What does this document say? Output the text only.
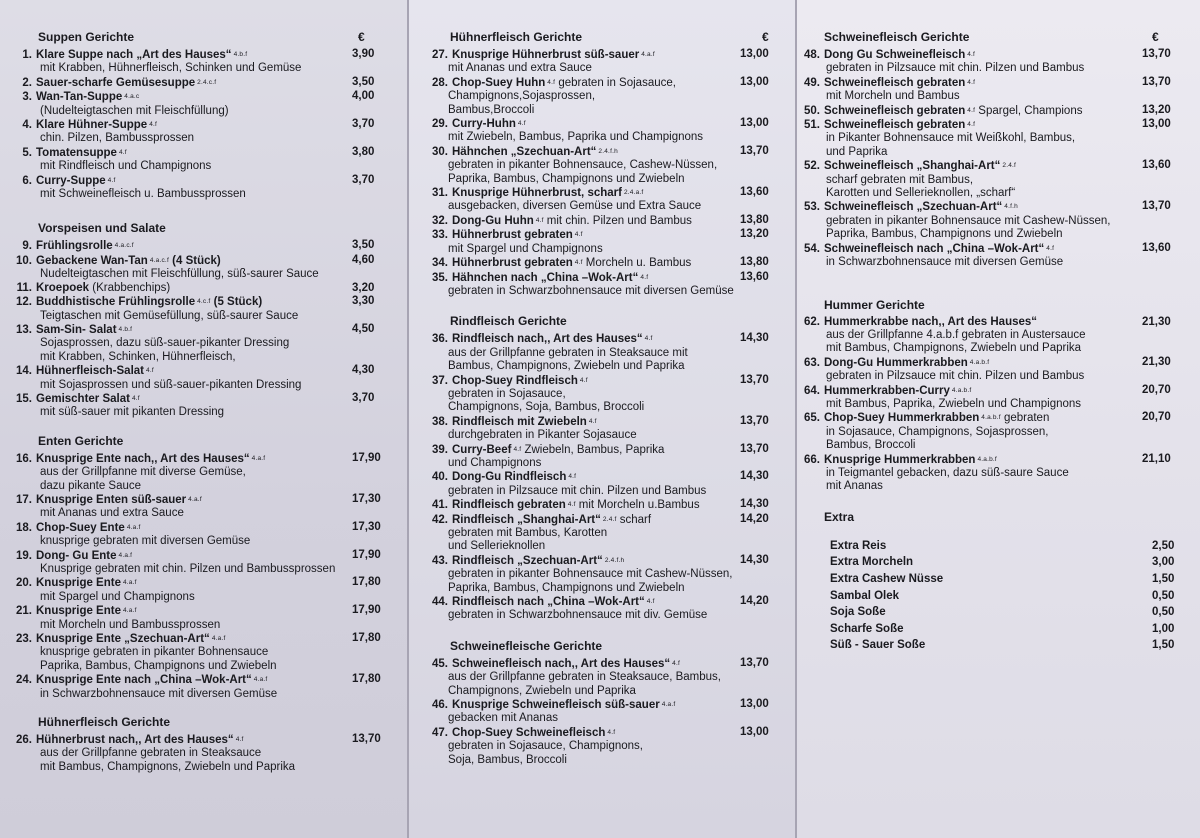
Suppen Gerichte	€
1. Klare Suppe nach „Art des Hauses“ 4.b.f	3,90
mit Krabben, Hühnerfleisch, Schinken und Gemüse
2. Sauer-scharfe Gemüsesuppe 2.4.c.f	3,50
3. Wan-Tan-Suppe 4.a.c	4,00
(Nudelteigtaschen mit Fleischfüllung)
4. Klare Hühner-Suppe 4.f	3,70
chin. Pilzen, Bambussprossen
5. Tomatensuppe 4.f	3,80
mit Rindfleisch und Champignons
6. Curry-Suppe 4.f	3,70
mit Schweinefleisch u. Bambussprossen
Vorspeisen und Salate
9. Frühlingsrolle 4.a.c.f	3,50
10. Gebackene Wan-Tan 4.a.c.f (4 Stück)	4,60
Nudelteigtaschen mit Fleischfüllung, süß-saurer Sauce
11. Kroepoek (Krabbenchips)	3,20
12. Buddhistische Frühlingsrolle 4.c.f (5 Stück)	3,30
Teigtaschen mit Gemüsefüllung, süß-saurer Sauce
13. Sam-Sin- Salat 4.b.f	4,50
Sojasprossen, dazu süß-sauer-pikanter Dressing
mit Krabben, Schinken, Hühnerfleisch,
14. Hühnerfleisch-Salat 4.f	4,30
mit Sojasprossen und süß-sauer-pikanten Dressing
15. Gemischter Salat 4.f	3,70
mit süß-sauer mit pikanten Dressing
Enten Gerichte
16. Knusprige Ente nach,, Art des Hauses“ 4.a.f	17,90
aus der Grillpfanne mit diverse Gemüse,
dazu pikante Sauce
17. Knusprige Enten süß-sauer 4.a.f	17,30
mit Ananas und extra Sauce
18. Chop-Suey Ente 4.a.f	17,30
knusprige gebraten mit diversen Gemüse
19. Dong- Gu Ente 4.a.f	17,90
Knusprige gebraten mit chin. Pilzen und Bambussprossen
20. Knusprige Ente 4.a.f	17,80
mit Spargel und Champignons
21. Knusprige Ente 4.a.f	17,90
mit Morcheln und Bambussprossen
23. Knusprige Ente „Szechuan-Art“ 4.a.f	17,80
knusprige gebraten in pikanter Bohnensauce
Paprika, Bambus, Champignons und Zwiebeln
24. Knusprige Ente nach „China –Wok-Art“ 4.a.f	17,80
in Schwarzbohnensauce mit diversen Gemüse
Hühnerfleisch Gerichte
26. Hühnerbrust nach,, Art des Hauses“ 4.f	13,70
aus der Grillpfanne gebraten in Steaksauce
mit Bambus, Champignons, Zwiebeln und Paprika
Hühnerfleisch Gerichte	€
27. Knusprige Hühnerbrust süß-sauer 4.a.f	13,00
mit Ananas und extra Sauce
28. Chop-Suey Huhn 4.f gebraten in Sojasauce,	13,00
Champignons,Sojasprossen,
Bambus,Broccoli
29. Curry-Huhn 4.f	13,00
mit Zwiebeln, Bambus, Paprika und Champignons
30. Hähnchen „Szechuan-Art“ 2.4.f.h	13,70
gebraten in pikanter Bohnensauce, Cashew-Nüssen,
Paprika, Bambus, Champignons und Zwiebeln
31. Knusprige Hühnerbrust, scharf 2.4.a.f	13,60
ausgebacken, diversen Gemüse und Extra Sauce
32. Dong-Gu Huhn 4.f mit chin. Pilzen und Bambus	13,80
33. Hühnerbrust gebraten 4.f	13,20
mit Spargel und Champignons
34. Hühnerbrust gebraten 4.f Morcheln u. Bambus	13,80
35. Hähnchen nach „China –Wok-Art“ 4.f	13,60
gebraten in Schwarzbohnensauce mit diversen Gemüse
Rindfleisch Gerichte
36. Rindfleisch nach,, Art des Hauses“ 4.f	14,30
aus der Grillpfanne gebraten in Steaksauce mit
Bambus, Champignons, Zwiebeln und Paprika
37. Chop-Suey Rindfleisch 4.f	13,70
gebraten in Sojasauce,
Champignons, Soja, Bambus, Broccoli
38. Rindfleisch mit Zwiebeln 4.f	13,70
durchgebraten in Pikanter Sojasauce
39. Curry-Beef 4.f Zwiebeln, Bambus, Paprika	13,70
und Champignons
40. Dong-Gu Rindfleisch 4.f	14,30
gebraten in Pilzsauce mit chin. Pilzen und Bambus
41. Rindfleisch gebraten 4.f mit Morcheln u.Bambus	14,30
42. Rindfleisch „Shanghai-Art“ 2.4.f scharf	14,20
gebraten mit Bambus, Karotten
und Sellerieknollen
43. Rindfleisch „Szechuan-Art“ 2.4.f.h	14,30
gebraten in pikanter Bohnensauce mit Cashew-Nüssen,
Paprika, Bambus, Champignons und Zwiebeln
44. Rindfleisch nach „China –Wok-Art“ 4.f	14,20
gebraten in Schwarzbohnensauce mit div. Gemüse
Schweinefleische Gerichte
45. Schweinefleisch nach,, Art des Hauses“ 4.f	13,70
aus der Grillpfanne gebraten in Steaksauce, Bambus,
Champignons, Zwiebeln und Paprika
46. Knusprige Schweinefleisch süß-sauer 4.a.f	13,00
gebacken mit Ananas
47. Chop-Suey Schweinefleisch 4.f	13,00
gebraten in Sojasauce, Champignons,
Soja, Bambus, Broccoli
Schweinefleisch Gerichte	€
48. Dong Gu Schweinefleisch 4.f	13,70
gebraten in Pilzsauce mit chin. Pilzen und Bambus
49. Schweinefleisch gebraten 4.f	13,70
mit Morcheln und Bambus
50. Schweinefleisch gebraten 4.f Spargel, Champions	13,20
51. Schweinefleisch gebraten 4.f	13,00
in Pikanter Bohnensauce mit Weißkohl, Bambus,
und Paprika
52. Schweinefleisch „Shanghai-Art“ 2.4.f	13,60
scharf gebraten mit Bambus,
Karotten und Sellerieknollen, „scharf“
53. Schweinefleisch „Szechuan-Art“ 4.f.h	13,70
gebraten in pikanter Bohnensauce mit Cashew-Nüssen,
Paprika, Bambus, Champignons und Zwiebeln
54. Schweinefleisch nach „China –Wok-Art“ 4.f	13,60
in Schwarzbohnensauce mit diversen Gemüse
Hummer Gerichte
62. Hummerkrabbe nach,, Art des Hauses“	21,30
aus der Grillpfanne 4.a.b.f gebraten in Austersauce
mit Bambus, Champignons, Zwiebeln und Paprika
63. Dong-Gu Hummerkrabben 4.a.b.f	21,30
gebraten in Pilzsauce mit chin. Pilzen und Bambus
64. Hummerkrabben-Curry 4.a.b.f	20,70
mit Bambus, Paprika, Zwiebeln und Champignons
65. Chop-Suey Hummerkrabben 4.a.b.f gebraten	20,70
in Sojasauce, Champignons, Sojasprossen,
Bambus, Broccoli
66. Knusprige Hummerkrabben 4.a.b.f	21,10
in Teigmantel gebacken, dazu süß-saure Sauce
mit Ananas
Extra
Extra Reis	2,50
Extra Morcheln	3,00
Extra Cashew Nüsse	1,50
Sambal Olek	0,50
Soja Soße	0,50
Scharfe Soße	1,00
Süß - Sauer Soße	1,50
